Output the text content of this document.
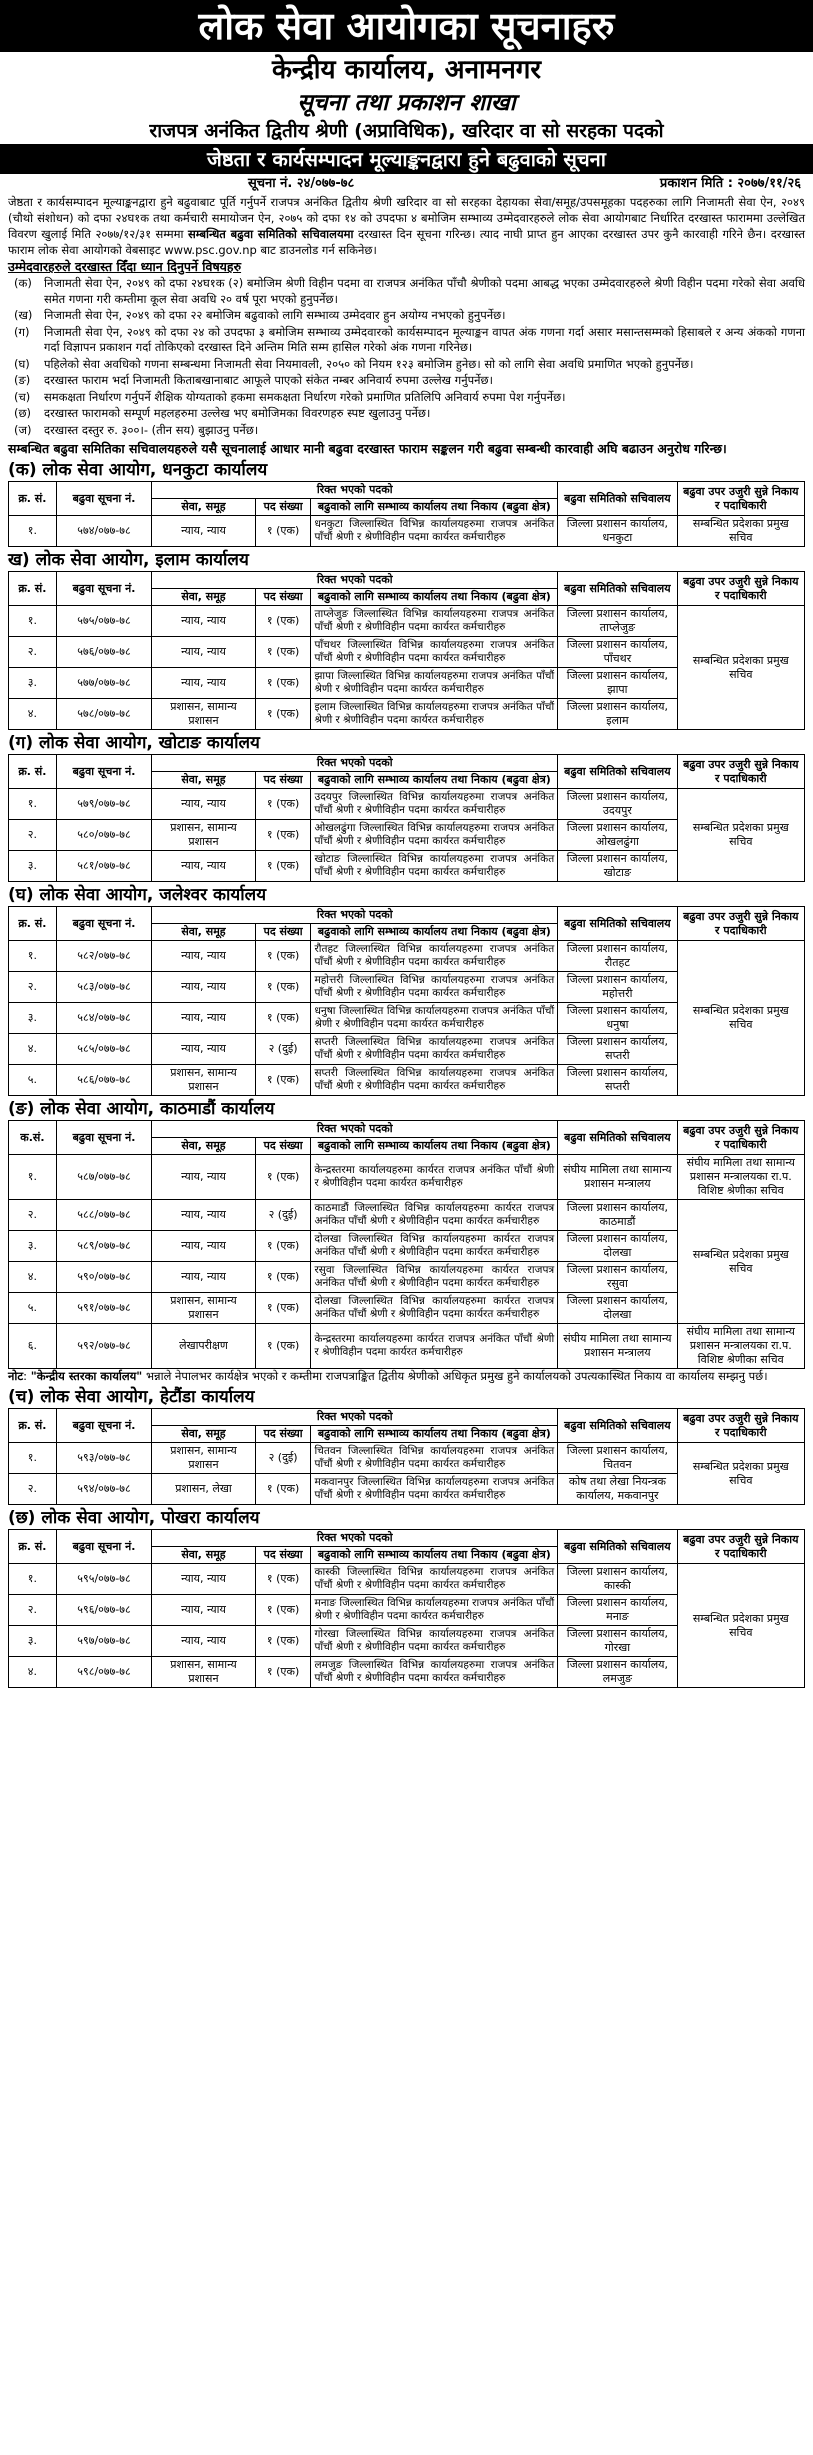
लोक सेवा आयोगका सूचनाहरु
केन्द्रीय कार्यालय, अनामनगर
सूचना तथा प्रकाशन शाखा
राजपत्र अनंकित द्वितीय श्रेणी (अप्राविधिक), खरिदार वा सो सरहका पदको
जेष्ठता र कार्यसम्पादन मूल्याङ्कनद्वारा हुने बढुवाको सूचना
सूचना नं. २४/०७७-७८	प्रकाशन मिति : २०७७/११/२६

जेष्ठता र कार्यसम्पादन मूल्याङ्कनद्वारा हुने बढुवाबाट पूर्ति गर्नुपर्ने राजपत्र अनंकित द्वितीय श्रेणी खरिदार वा सो सरहका देहायका सेवा/समूह/उपसमूहका पदहरुका लागि निजामती सेवा ऐन, २०४९ (चौथो संशोधन) को दफा २४घ१क तथा कर्मचारी समायोजन ऐन, २०७५ को दफा १४ को उपदफा ४ बमोजिम सम्भाव्य उम्मेदवारहरुले लोक सेवा आयोगबाट निर्धारित दरखास्त फाराममा उल्लेखित विवरण खुलाई मिति २०७७/१२/३१ सम्ममा सम्बन्धित बढुवा समितिको सचिवालयमा दरखास्त दिन सूचना गरिन्छ। त्याद नाघी प्राप्त हुन आएका दरखास्त उपर कुनै कारवाही गरिने छैन। दरखास्त फाराम लोक सेवा आयोगको वेबसाइट www.psc.gov.np बाट डाउनलोड गर्न सकिनेछ।

उम्मेदवारहरुले दरखास्त दिँदा ध्यान दिनुपर्ने विषयहरु
(क)	निजामती सेवा ऐन, २०४९ को दफा २४घ१क (२) बमोजिम श्रेणी विहीन पदमा वा राजपत्र अनंकित पाँचौ श्रेणीको पदमा आबद्ध भएका उम्मेदवारहरुले श्रेणी विहीन पदमा गरेको सेवा अवधि समेत गणना गरी कम्तीमा कूल सेवा अवधि २० वर्ष पूरा भएको हुनुपर्नेछ।
(ख)	निजामती सेवा ऐन, २०४९ को दफा २२ बमोजिम बढुवाको लागि सम्भाव्य उम्मेदवार हुन अयोग्य नभएको हुनुपर्नेछ।
(ग)	निजामती सेवा ऐन, २०४९ को दफा २४ को उपदफा ३ बमोजिम सम्भाव्य उम्मेदवारको कार्यसम्पादन मूल्याङ्कन वापत अंक गणना गर्दा असार मसान्तसम्मको हिसाबले र अन्य अंकको गणना गर्दा विज्ञापन प्रकाशन गर्दा तोकिएको दरखास्त दिने अन्तिम मिति सम्म हासिल गरेको अंक गणना गरिनेछ।
(घ)	पहिलेको सेवा अवधिको गणना सम्बन्धमा निजामती सेवा नियमावली, २०५० को नियम १२३ बमोजिम हुनेछ। सो को लागि सेवा अवधि प्रमाणित भएको हुनुपर्नेछ।
(ङ)	दरखास्त फाराम भर्दा निजामती किताबखानाबाट आफूले पाएको संकेत नम्बर अनिवार्य रुपमा उल्लेख गर्नुपर्नेछ।
(च)	समकक्षता निर्धारण गर्नुपर्ने शैक्षिक योग्यताको हकमा समकक्षता निर्धारण गरेको प्रमाणित प्रतिलिपि अनिवार्य रुपमा पेश गर्नुपर्नेछ।
(छ)	दरखास्त फारामको सम्पूर्ण महलहरुमा उल्लेख भए बमोजिमका विवरणहरु स्पष्ट खुलाउनु पर्नेछ।
(ज)	दरखास्त दस्तुर रु. ३००।- (तीन सय) बुझाउनु पर्नेछ।
सम्बन्धित बढुवा समितिका सचिवालयहरुले यसै सूचनालाई आधार मानी बढुवा दरखास्त फाराम सङ्कलन गरी बढुवा सम्बन्धी कारवाही अघि बढाउन अनुरोध गरिन्छ।
(क) लोक सेवा आयोग, धनकुटा कार्यालय
क्र. सं.	बढुवा सूचना नं.	रिक्त भएको पदको			बढुवा समितिको सचिवालय	बढुवा उपर उजुरी सुन्ने निकाय र पदाधिकारी
		सेवा, समूह	पद संख्या	बढुवाको लागि सम्भाव्य कार्यालय तथा निकाय (बढुवा क्षेत्र)		
१.	५७४/०७७-७८	न्याय, न्याय	१ (एक)	धनकुटा जिल्लास्थित विभिन्न कार्यालयहरुमा राजपत्र अनंकित पाँचौं श्रेणी र श्रेणीविहीन पदमा कार्यरत कर्मचारीहरु	जिल्ला प्रशासन कार्यालय, धनकुटा	सम्बन्धित प्रदेशका प्रमुख सचिव
ख) लोक सेवा आयोग, इलाम कार्यालय
क्र. सं.	बढुवा सूचना नं.	रिक्त भएको पदको			बढुवा समितिको सचिवालय	बढुवा उपर उजुरी सुन्ने निकाय र पदाधिकारी
		सेवा, समूह	पद संख्या	बढुवाको लागि सम्भाव्य कार्यालय तथा निकाय (बढुवा क्षेत्र)		
१.	५७५/०७७-७८	न्याय, न्याय	१ (एक)	ताप्लेजुङ जिल्लास्थित विभिन्न कार्यालयहरुमा राजपत्र अनंकित पाँचौं श्रेणी र श्रेणीविहीन पदमा कार्यरत कर्मचारीहरु	जिल्ला प्रशासन कार्यालय, ताप्लेजुङ	सम्बन्धित प्रदेशका प्रमुख सचिव
२.	५७६/०७७-७८	न्याय, न्याय	१ (एक)	पाँचथर जिल्लास्थित विभिन्न कार्यालयहरुमा राजपत्र अनंकित पाँचौं श्रेणी र श्रेणीविहीन पदमा कार्यरत कर्मचारीहरु	जिल्ला प्रशासन कार्यालय, पाँचथर	
३.	५७७/०७७-७८	न्याय, न्याय	१ (एक)	झापा जिल्लास्थित विभिन्न कार्यालयहरुमा राजपत्र अनंकित पाँचौं श्रेणी र श्रेणीविहीन पदमा कार्यरत कर्मचारीहरु	जिल्ला प्रशासन कार्यालय, झापा	
४.	५७८/०७७-७८	प्रशासन, सामान्य प्रशासन	१ (एक)	इलाम जिल्लास्थित विभिन्न कार्यालयहरुमा राजपत्र अनंकित पाँचौं श्रेणी र श्रेणीविहीन पदमा कार्यरत कर्मचारीहरु	जिल्ला प्रशासन कार्यालय, इलाम	
(ग) लोक सेवा आयोग, खोटाङ कार्यालय
क्र. सं.	बढुवा सूचना नं.	रिक्त भएको पदको			बढुवा समितिको सचिवालय	बढुवा उपर उजुरी सुन्ने निकाय र पदाधिकारी
		सेवा, समूह	पद संख्या	बढुवाको लागि सम्भाव्य कार्यालय तथा निकाय (बढुवा क्षेत्र)		
१.	५७९/०७७-७८	न्याय, न्याय	१ (एक)	उदयपुर जिल्लास्थित विभिन्न कार्यालयहरुमा राजपत्र अनंकित पाँचौं श्रेणी र श्रेणीविहीन पदमा कार्यरत कर्मचारीहरु	जिल्ला प्रशासन कार्यालय, उदयपुर	सम्बन्धित प्रदेशका प्रमुख सचिव
२.	५८०/०७७-७८	प्रशासन, सामान्य प्रशासन	१ (एक)	ओखलढुंगा जिल्लास्थित विभिन्न कार्यालयहरुमा राजपत्र अनंकित पाँचौं श्रेणी र श्रेणीविहीन पदमा कार्यरत कर्मचारीहरु	जिल्ला प्रशासन कार्यालय, ओखलढुंगा	
३.	५८१/०७७-७८	न्याय, न्याय	१ (एक)	खोटाङ जिल्लास्थित विभिन्न कार्यालयहरुमा राजपत्र अनंकित पाँचौं श्रेणी र श्रेणीविहीन पदमा कार्यरत कर्मचारीहरु	जिल्ला प्रशासन कार्यालय, खोटाङ	
(घ) लोक सेवा आयोग, जलेश्वर कार्यालय
क्र. सं.	बढुवा सूचना नं.	रिक्त भएको पदको			बढुवा समितिको सचिवालय	बढुवा उपर उजुरी सुन्ने निकाय र पदाधिकारी
		सेवा, समूह	पद संख्या	बढुवाको लागि सम्भाव्य कार्यालय तथा निकाय (बढुवा क्षेत्र)		
१.	५८२/०७७-७८	न्याय, न्याय	१ (एक)	रौतहट जिल्लास्थित विभिन्न कार्यालयहरुमा राजपत्र अनंकित पाँचौं श्रेणी र श्रेणीविहीन पदमा कार्यरत कर्मचारीहरु	जिल्ला प्रशासन कार्यालय, रौतहट	सम्बन्धित प्रदेशका प्रमुख सचिव
२.	५८३/०७७-७८	न्याय, न्याय	१ (एक)	महोत्तरी जिल्लास्थित विभिन्न कार्यालयहरुमा राजपत्र अनंकित पाँचौं श्रेणी र श्रेणीविहीन पदमा कार्यरत कर्मचारीहरु	जिल्ला प्रशासन कार्यालय, महोत्तरी	
३.	५८४/०७७-७८	न्याय, न्याय	१ (एक)	धनुषा जिल्लास्थित विभिन्न कार्यालयहरुमा राजपत्र अनंकित पाँचौं श्रेणी र श्रेणीविहीन पदमा कार्यरत कर्मचारीहरु	जिल्ला प्रशासन कार्यालय, धनुषा	
४.	५८५/०७७-७८	न्याय, न्याय	२ (दुई)	सप्तरी जिल्लास्थित विभिन्न कार्यालयहरुमा राजपत्र अनंकित पाँचौं श्रेणी र श्रेणीविहीन पदमा कार्यरत कर्मचारीहरु	जिल्ला प्रशासन कार्यालय, सप्तरी	
५.	५८६/०७७-७८	प्रशासन, सामान्य प्रशासन	१ (एक)	सप्तरी जिल्लास्थित विभिन्न कार्यालयहरुमा राजपत्र अनंकित पाँचौं श्रेणी र श्रेणीविहीन पदमा कार्यरत कर्मचारीहरु	जिल्ला प्रशासन कार्यालय, सप्तरी	
(ङ) लोक सेवा आयोग, काठमाडौं कार्यालय
क.सं.	बढुवा सूचना नं.	रिक्त भएको पदको			बढुवा समितिको सचिवालय	बढुवा उपर उजुरी सुन्ने निकाय र पदाधिकारी
		सेवा, समूह	पद संख्या	बढुवाको लागि सम्भाव्य कार्यालय तथा निकाय (बढुवा क्षेत्र)		
१.	५८७/०७७-७८	न्याय, न्याय	१ (एक)	केन्द्रस्तरमा कार्यालयहरुमा कार्यरत राजपत्र अनंकित पाँचौं श्रेणी र श्रेणीविहीन पदमा कार्यरत कर्मचारीहरु	संघीय मामिला तथा सामान्य प्रशासन मन्त्रालय	संघीय मामिला तथा सामान्य प्रशासन मन्त्रालयका रा.प. विशिष्ट श्रेणीका सचिव
२.	५८८/०७७-७८	न्याय, न्याय	२ (दुई)	काठमाडौं जिल्लास्थित विभिन्न कार्यालयहरुमा कार्यरत राजपत्र अनंकित पाँचौं श्रेणी र श्रेणीविहीन पदमा कार्यरत कर्मचारीहरु	जिल्ला प्रशासन कार्यालय, काठमाडौं	सम्बन्धित प्रदेशका प्रमुख सचिव
३.	५८९/०७७-७८	न्याय, न्याय	१ (एक)	दोलखा जिल्लास्थित विभिन्न कार्यालयहरुमा कार्यरत राजपत्र अनंकित पाँचौं श्रेणी र श्रेणीविहीन पदमा कार्यरत कर्मचारीहरु	जिल्ला प्रशासन कार्यालय, दोलखा	
४.	५९०/०७७-७८	न्याय, न्याय	१ (एक)	रसुवा जिल्लास्थित विभिन्न कार्यालयहरुमा कार्यरत राजपत्र अनंकित पाँचौं श्रेणी र श्रेणीविहीन पदमा कार्यरत कर्मचारीहरु	जिल्ला प्रशासन कार्यालय, रसुवा	
५.	५९१/०७७-७८	प्रशासन, सामान्य प्रशासन	१ (एक)	दोलखा जिल्लास्थित विभिन्न कार्यालयहरुमा कार्यरत राजपत्र अनंकित पाँचौं श्रेणी र श्रेणीविहीन पदमा कार्यरत कर्मचारीहरु	जिल्ला प्रशासन कार्यालय, दोलखा	
६.	५९२/०७७-७८	लेखापरीक्षण	१ (एक)	केन्द्रस्तरमा कार्यालयहरुमा कार्यरत राजपत्र अनंकित पाँचौं श्रेणी र श्रेणीविहीन पदमा कार्यरत कर्मचारीहरु	संघीय मामिला तथा सामान्य प्रशासन मन्त्रालय	संघीय मामिला तथा सामान्य प्रशासन मन्त्रालयका रा.प. विशिष्ट श्रेणीका सचिव

नोट: "केन्द्रीय स्तरका कार्यालय" भन्नाले नेपालभर कार्यक्षेत्र भएको र कम्तीमा राजपत्राङ्कित द्वितीय श्रेणीको अधिकृत प्रमुख हुने कार्यालयको उपत्यकास्थित निकाय वा कार्यालय सम्झनु पर्छ।

(च) लोक सेवा आयोग, हेटौंडा कार्यालय
क्र. सं.	बढुवा सूचना नं.	रिक्त भएको पदको			बढुवा समितिको सचिवालय	बढुवा उपर उजुरी सुन्ने निकाय र पदाधिकारी
		सेवा, समूह	पद संख्या	बढुवाको लागि सम्भाव्य कार्यालय तथा निकाय (बढुवा क्षेत्र)		
१.	५९३/०७७-७८	प्रशासन, सामान्य प्रशासन	२ (दुई)	चितवन जिल्लास्थित विभिन्न कार्यालयहरुमा राजपत्र अनंकित पाँचौं श्रेणी र श्रेणीविहीन पदमा कार्यरत कर्मचारीहरु	जिल्ला प्रशासन कार्यालय, चितवन	सम्बन्धित प्रदेशका प्रमुख सचिव
२.	५९४/०७७-७८	प्रशासन, लेखा	१ (एक)	मकवानपुर जिल्लास्थित विभिन्न कार्यालयहरुमा राजपत्र अनंकित पाँचौं श्रेणी र श्रेणीविहीन पदमा कार्यरत कर्मचारीहरु	कोष तथा लेखा नियन्त्रक कार्यालय, मकवानपुर	
(छ) लोक सेवा आयोग, पोखरा कार्यालय
क्र. सं.	बढुवा सूचना नं.	रिक्त भएको पदको			बढुवा समितिको सचिवालय	बढुवा उपर उजुरी सुन्ने निकाय र पदाधिकारी
		सेवा, समूह	पद संख्या	बढुवाको लागि सम्भाव्य कार्यालय तथा निकाय (बढुवा क्षेत्र)		
१.	५९५/०७७-७८	न्याय, न्याय	१ (एक)	कास्की जिल्लास्थित विभिन्न कार्यालयहरुमा राजपत्र अनंकित पाँचौं श्रेणी र श्रेणीविहीन पदमा कार्यरत कर्मचारीहरु	जिल्ला प्रशासन कार्यालय, कास्की	सम्बन्धित प्रदेशका प्रमुख सचिव
२.	५९६/०७७-७८	न्याय, न्याय	१ (एक)	मनाङ जिल्लास्थित विभिन्न कार्यालयहरुमा राजपत्र अनंकित पाँचौं श्रेणी र श्रेणीविहीन पदमा कार्यरत कर्मचारीहरु	जिल्ला प्रशासन कार्यालय, मनाङ	
३.	५९७/०७७-७८	न्याय, न्याय	१ (एक)	गोरखा जिल्लास्थित विभिन्न कार्यालयहरुमा राजपत्र अनंकित पाँचौं श्रेणी र श्रेणीविहीन पदमा कार्यरत कर्मचारीहरु	जिल्ला प्रशासन कार्यालय, गोरखा	
४.	५९८/०७७-७८	प्रशासन, सामान्य प्रशासन	१ (एक)	लमजुङ जिल्लास्थित विभिन्न कार्यालयहरुमा राजपत्र अनंकित पाँचौं श्रेणी र श्रेणीविहीन पदमा कार्यरत कर्मचारीहरु	जिल्ला प्रशासन कार्यालय, लमजुङ	
